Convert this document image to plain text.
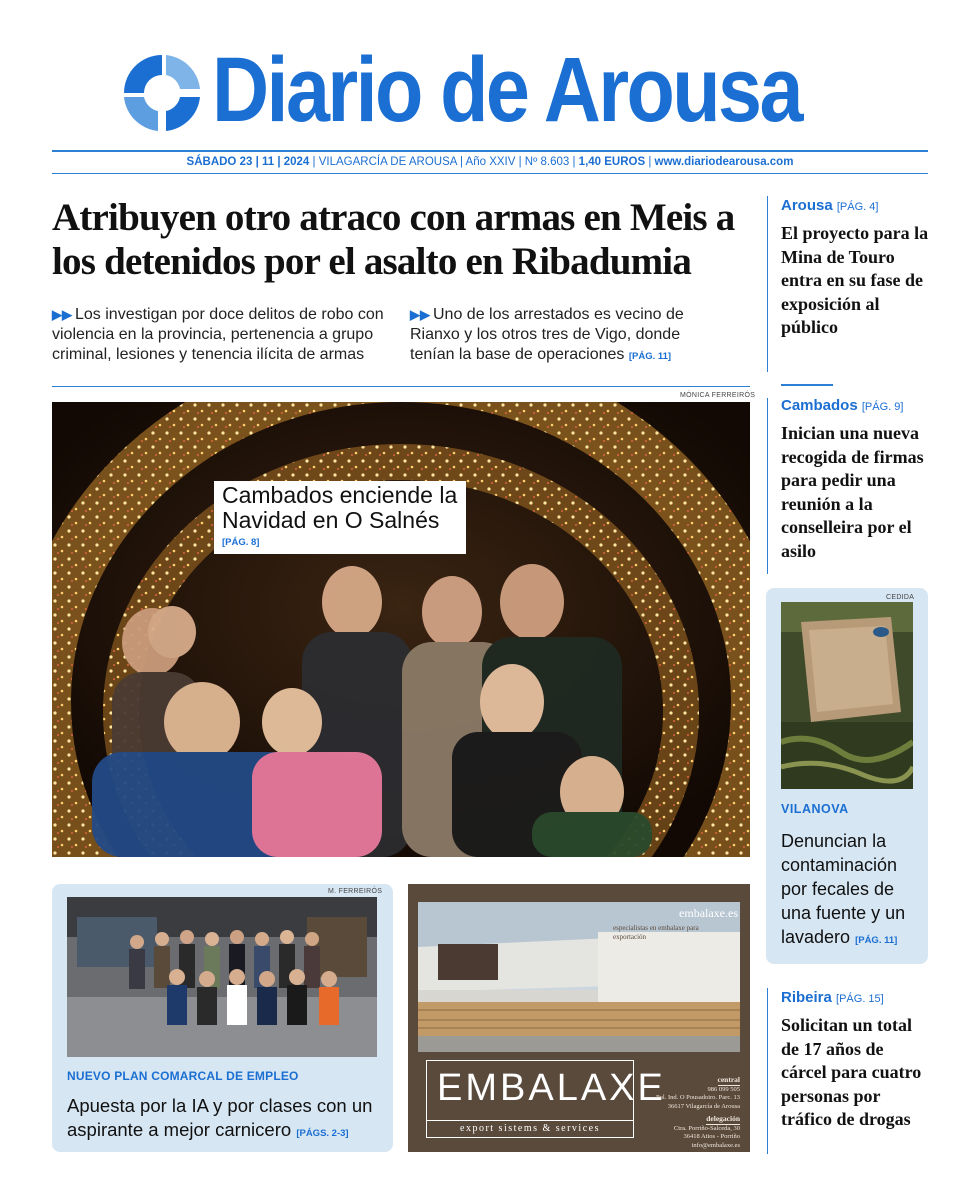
Diario de Arousa
SÁBADO 23 | 11 | 2024 | VILAGARCÍA DE AROUSA | Año XXIV | Nº 8.603 | 1,40 EUROS | www.diariodearousa.com
Atribuyen otro atraco con armas en Meis a los detenidos por el asalto en Ribadumia
▶▶ Los investigan por doce delitos de robo con violencia en la provincia, pertenencia a grupo criminal, lesiones y tenencia ilícita de armas
▶▶ Uno de los arrestados es vecino de Rianxo y los otros tres de Vigo, donde tenían la base de operaciones [PÁG. 11]
MÓNICA FERREIRÓS
Cambados enciende la Navidad en O Salnés
[PÁG. 8]
Arousa [PÁG. 4]
El proyecto para la Mina de Touro entra en su fase de exposición al público
Cambados [PÁG. 9]
Inician una nueva recogida de firmas para pedir una reunión a la conselleira por el asilo
CEDIDA
VILANOVA
Denuncian la contaminación por fecales de una fuente y un lavadero [PÁG. 11]
Ribeira [PÁG. 15]
Solicitan un total de 17 años de cárcel para cuatro personas por tráfico de drogas
M. FERREIRÓS
NUEVO PLAN COMARCAL DE EMPLEO
Apuesta por la IA y por clases con un aspirante a mejor carnicero [PÁGS. 2-3]
embalaxe.es
especialistas en embalaxe para exportación
EMBALAXE
export sistems & services
central
986 099 505
Pol. Ind. O Pousadoiro. Parc. 13
36617 Vilagarcía de Arousa
delegación
Ctra. Porriño-Salceda, 30
36418 Atios - Porriño
info@embalaxe.es
